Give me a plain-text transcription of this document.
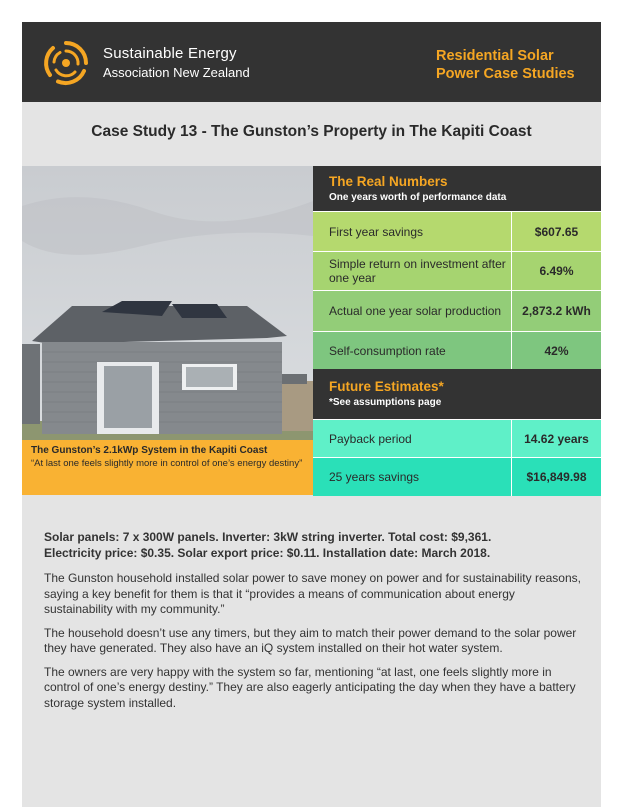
Sustainable Energy
Association New Zealand
Residential Solar
Power Case Studies
Case Study 13 - The Gunston’s Property in The Kapiti Coast
The Gunston’s 2.1kWp System in the Kapiti Coast
“At last one feels slightly more in control of one’s energy destiny”
The Real Numbers
One years worth of performance data
First year savings	$607.65
Simple return on investment after one year	6.49%
Actual one year solar production	2,873.2 kWh
Self-consumption rate	42%
Future Estimates*
*See assumptions page
Payback period	14.62 years
25 years savings	$16,849.98
Solar panels: 7 x 300W panels. Inverter: 3kW string inverter. Total cost: $9,361.
Electricity price: $0.35. Solar export price: $0.11. Installation date: March 2018.
The Gunston household installed solar power to save money on power and for sustainability reasons, saying a key benefit for them is that it “provides a means of communication about energy sustainability with my community.”
The household doesn’t use any timers, but they aim to match their power demand to the solar power they have generated. They also have an iQ system installed on their hot water system.
The owners are very happy with the system so far, mentioning “at last, one feels slightly more in control of one’s energy destiny.” They are also eagerly anticipating the day when they have a battery storage system installed.
